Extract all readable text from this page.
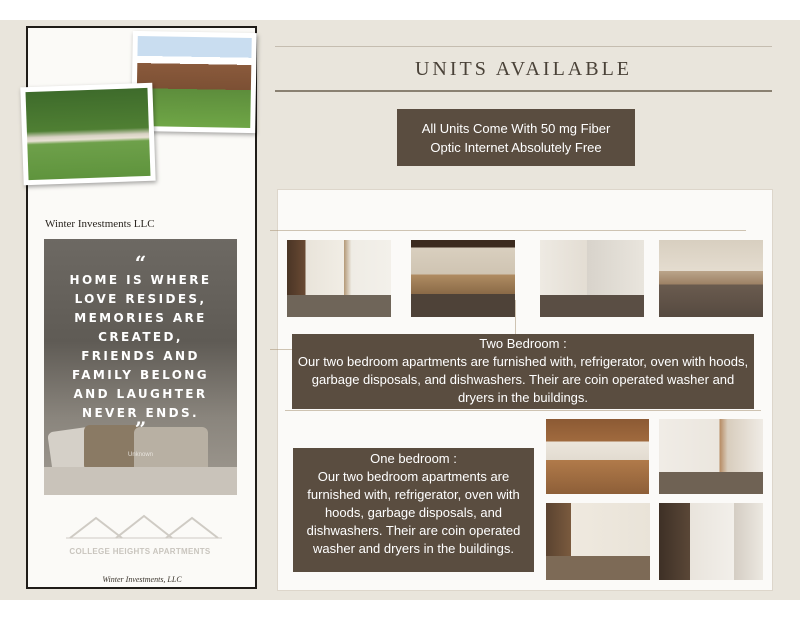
Winter Investments LLC
“
HOME IS WHERE
LOVE RESIDES,
MEMORIES ARE
CREATED,
FRIENDS AND
FAMILY BELONG
AND LAUGHTER
NEVER ENDS.
”
Unknown
COLLEGE HEIGHTS APARTMENTS
Winter Investments, LLC
UNITS AVAILABLE
All Units Come With 50 mg Fiber Optic Internet Absolutely Free
Two Bedroom :
Our two bedroom apartments are furnished with, refrigerator, oven with hoods, garbage disposals, and dishwashers. Their are coin operated washer and dryers in the buildings.
One bedroom :
Our two bedroom apartments are furnished with, refrigerator, oven with hoods, garbage disposals, and dishwashers. Their are coin operated washer and dryers in the buildings.
